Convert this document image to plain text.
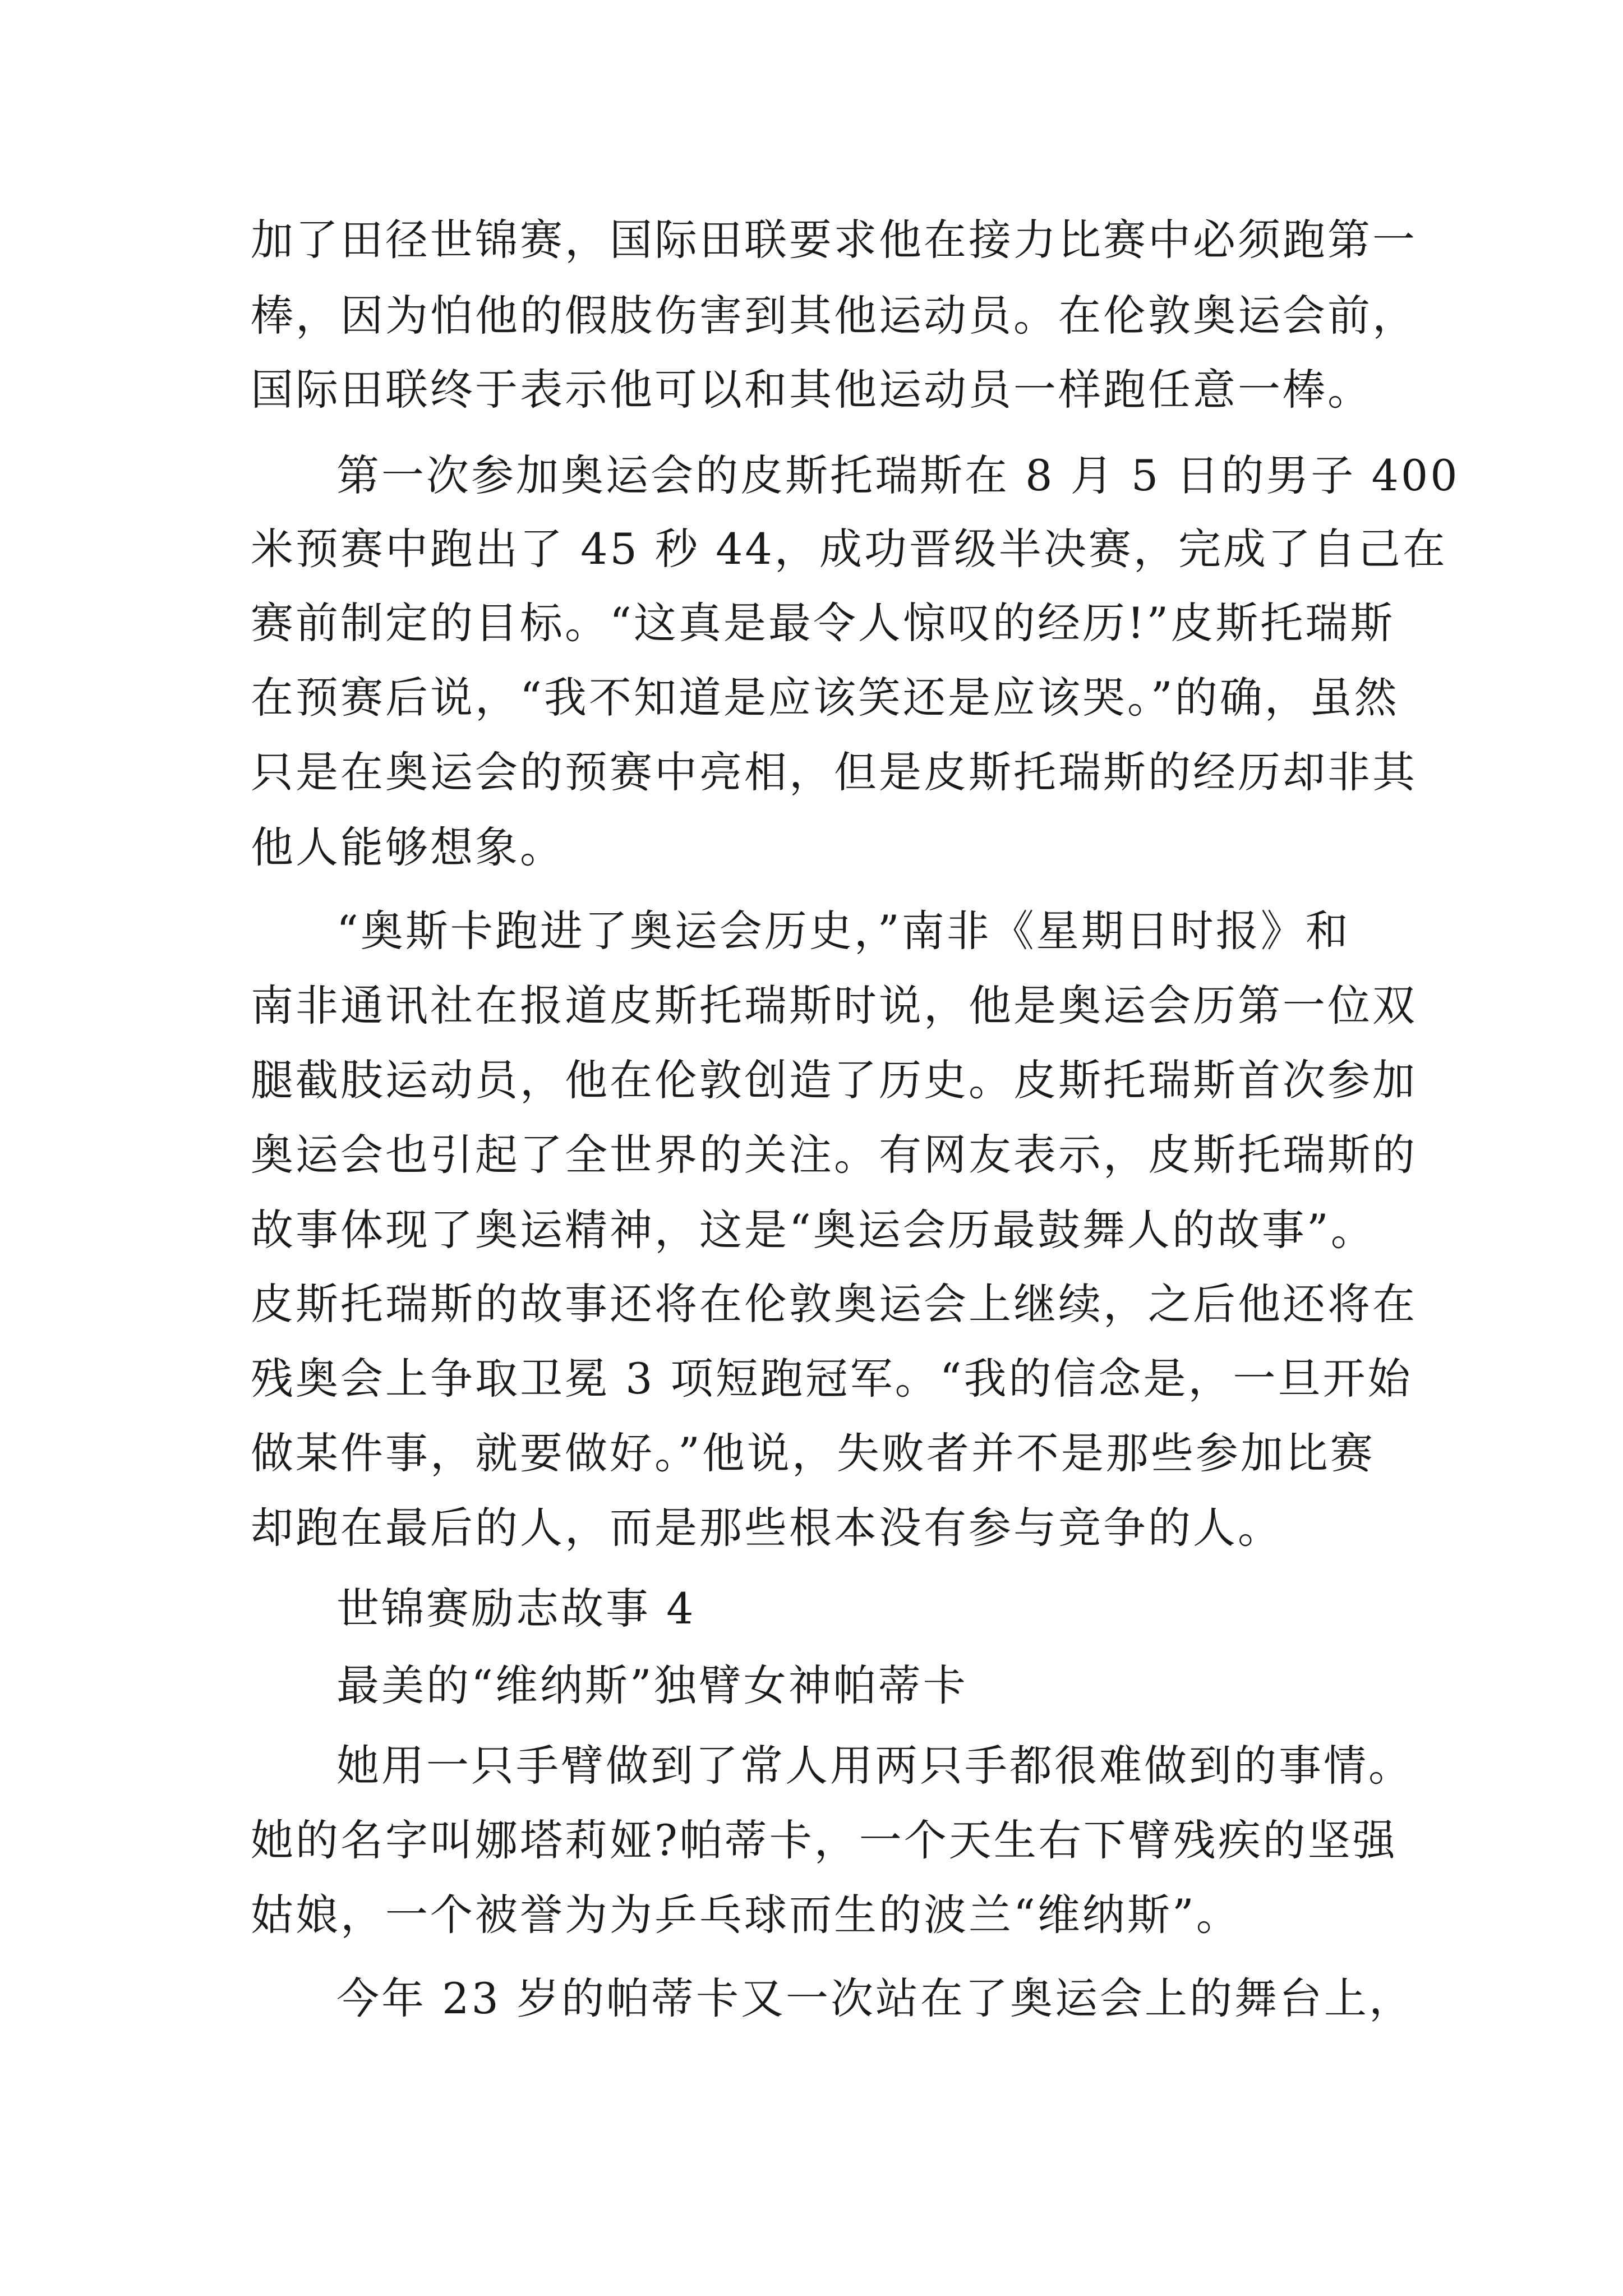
加了田径世锦赛，国际田联要求他在接力比赛中必须跑第一
棒，因为怕他的假肢伤害到其他运动员。在伦敦奥运会前，
国际田联终于表示他可以和其他运动员一样跑任意一棒。
第一次参加奥运会的皮斯托瑞斯在 8 月 5 日的男子 400
米预赛中跑出了 45 秒 44，成功晋级半决赛，完成了自己在
赛前制定的目标。“这真是最令人惊叹的经历!”皮斯托瑞斯
在预赛后说，“我不知道是应该笑还是应该哭。”的确，虽然
只是在奥运会的预赛中亮相，但是皮斯托瑞斯的经历却非其
他人能够想象。
“奥斯卡跑进了奥运会历史，”南非《星期日时报》和
南非通讯社在报道皮斯托瑞斯时说，他是奥运会历第一位双
腿截肢运动员，他在伦敦创造了历史。皮斯托瑞斯首次参加
奥运会也引起了全世界的关注。有网友表示，皮斯托瑞斯的
故事体现了奥运精神，这是“奥运会历最鼓舞人的故事”。
皮斯托瑞斯的故事还将在伦敦奥运会上继续，之后他还将在
残奥会上争取卫冕 3 项短跑冠军。“我的信念是，一旦开始
做某件事，就要做好。”他说，失败者并不是那些参加比赛
却跑在最后的人，而是那些根本没有参与竞争的人。
世锦赛励志故事 4
最美的“维纳斯”独臂女神帕蒂卡
她用一只手臂做到了常人用两只手都很难做到的事情。
她的名字叫娜塔莉娅?帕蒂卡，一个天生右下臂残疾的坚强
姑娘，一个被誉为为乒乓球而生的波兰“维纳斯”。
今年 23 岁的帕蒂卡又一次站在了奥运会上的舞台上，
